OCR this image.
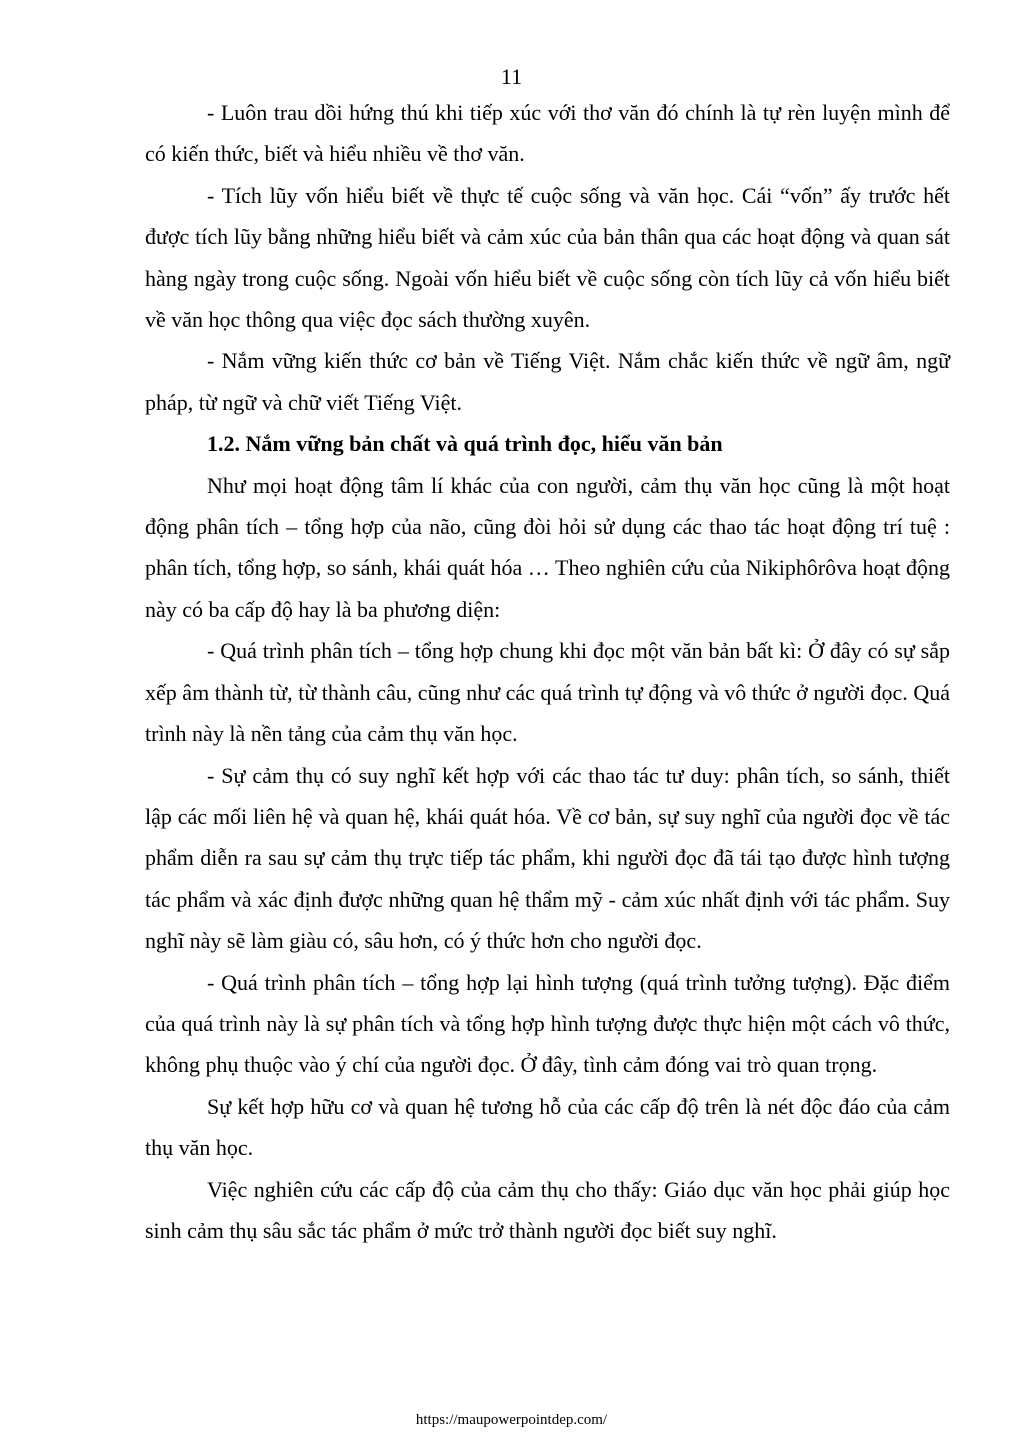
11

- Luôn trau dồi hứng thú khi tiếp xúc với thơ văn đó chính là tự rèn luyện mình để có kiến thức, biết và hiểu nhiều về thơ văn.

- Tích lũy vốn hiểu biết về thực tế cuộc sống và văn học. Cái “vốn” ấy trước hết được tích lũy bằng những hiểu biết và cảm xúc của bản thân qua các hoạt động và quan sát hàng ngày trong cuộc sống. Ngoài vốn hiểu biết về cuộc sống còn tích lũy cả vốn hiểu biết về văn học thông qua việc đọc sách thường xuyên.

- Nắm vững kiến thức cơ bản về Tiếng Việt. Nắm chắc kiến thức về ngữ âm, ngữ pháp, từ ngữ và chữ viết Tiếng Việt.

1.2. Nắm vững bản chất và quá trình đọc, hiểu văn bản

Như mọi hoạt động tâm lí khác của con người, cảm thụ văn học cũng là một hoạt động phân tích – tổng hợp của não, cũng đòi hỏi sử dụng các thao tác hoạt động trí tuệ : phân tích, tổng hợp, so sánh, khái quát hóa … Theo nghiên cứu của Nikiphôrôva hoạt động này có ba cấp độ hay là ba phương diện:

- Quá trình phân tích – tổng hợp chung khi đọc một văn bản bất kì: Ở đây có sự sắp xếp âm thành từ, từ thành câu, cũng như các quá trình tự động và vô thức ở người đọc. Quá trình này là nền tảng của cảm thụ văn học.

- Sự cảm thụ có suy nghĩ kết hợp với các thao tác tư duy: phân tích, so sánh, thiết lập các mối liên hệ và quan hệ, khái quát hóa. Về cơ bản, sự suy nghĩ của người đọc về tác phẩm diễn ra sau sự cảm thụ trực tiếp tác phẩm, khi người đọc đã tái tạo được hình tượng tác phẩm và xác định được những quan hệ thẩm mỹ - cảm xúc nhất định với tác phẩm. Suy nghĩ này sẽ làm giàu có, sâu hơn, có ý thức hơn cho người đọc.

- Quá trình phân tích – tổng hợp lại hình tượng (quá trình tưởng tượng). Đặc điểm của quá trình này là sự phân tích và tổng hợp hình tượng được thực hiện một cách vô thức, không phụ thuộc vào ý chí của người đọc. Ở đây, tình cảm đóng vai trò quan trọng.

Sự kết hợp hữu cơ và quan hệ tương hỗ của các cấp độ trên là nét độc đáo của cảm thụ văn học.

Việc nghiên cứu các cấp độ của cảm thụ cho thấy: Giáo dục văn học phải giúp học sinh cảm thụ sâu sắc tác phẩm ở mức trở thành người đọc biết suy nghĩ.

https://maupowerpointdep.com/
